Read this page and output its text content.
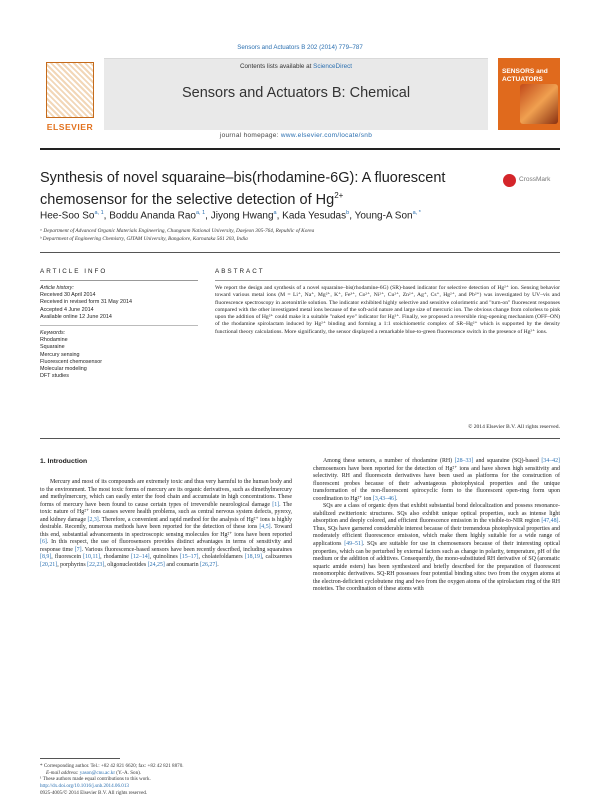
Sensors and Actuators B 202 (2014) 779–787
ELSEVIER
Contents lists available at ScienceDirect
Sensors and Actuators B: Chemical
journal homepage: www.elsevier.com/locate/snb
SENSORS and ACTUATORS
Synthesis of novel squaraine–bis(rhodamine-6G): A fluorescent chemosensor for the selective detection of $Hg^{2+}$
CrossMark
Hee-Soo So$^{a, 1}$, Boddu Ananda Rao$^{a, 1}$, Jiyong Hwang$^a$, Kada Yesudas$^b$, Young-A Son$^{a, *}$
ᵃ Department of Advanced Organic Materials Engineering, Chungnam National University, Daejeon 305-764, Republic of Korea
ᵇ Department of Engineering Chemistry, GITAM University, Bangalore, Karnataka 561 203, India
ARTICLE INFO	ABSTRACT
Article history:
Received 30 April 2014
Received in revised form 31 May 2014
Accepted 4 June 2014
Available online 12 June 2014
Keywords:
Rhodamine
Squaraine
Mercury sensing
Fluorescent chemosensor
Molecular modeling
DFT studies
We report the design and synthesis of a novel squaraine–bis(rhodamine-6G) (SR)-based indicator for selective detection of Hg²⁺ ion. Sensing behavior toward various metal ions (M = Li⁺, Na⁺, Mg²⁺, K⁺, Fe³⁺, Co²⁺, Ni²⁺, Cu²⁺, Zn²⁺, Ag⁺, Cs⁺, Hg²⁺, and Pb²⁺) was investigated by UV–vis and fluorescence spectroscopy in acetonitrile solution. The indicator exhibited highly selective and sensitive colorimetric and "turn-on" fluorescent responses compared with the other investigated metal ions because of the soft-acid nature and large size of mercuric ion. The obvious change from colorless to pink upon the addition of Hg²⁺ could make it a suitable "naked eye" indicator for Hg²⁺. Finally, we proposed a reversible ring-opening mechanism (OFF–ON) of the rhodamine spirolactam induced by Hg²⁺ binding and forming a 1:1 stoichiometric complex of SR–Hg²⁺ which is supported by the density functional theory calculations. More significantly, the sensor displayed a remarkable blue-to-green fluorescence switch in the presence of Hg²⁺ ions.
© 2014 Elsevier B.V. All rights reserved.
1. Introduction

Mercury and most of its compounds are extremely toxic and thus very harmful to the human body and to the environment. The most toxic forms of mercury are its organic derivatives, such as dimethylmercury and methylmercury, which can easily enter the food chain and accumulate in high concentrations. These forms of mercury have been found to cause certain types of irreversible neurological damage [1]. The toxic nature of Hg²⁺ ions causes severe health problems, such as central nervous system defects, pyrexy, and kidney damage [2,3]. Therefore, a convenient and rapid method for the analysis of Hg²⁺ ions is highly desirable. Recently, numerous methods have been reported for the detection of these ions [4,5]. Toward this end, substantial advancements in spectroscopic sensing molecules for Hg²⁺ ions have been reported [6]. In this respect, the use of fluorosensors provides distinct advantages in terms of sensitivity and response time [7]. Various fluorescence-based sensors have been recently described, including squaraines [8,9], fluorescein [10,11], rhodamine [12–14], quinolines [15–17], cholatefoldamers [18,19], calixarenes [20,21], porphyrins [22,23], oligonucleotides [24,25] and coumarin [26,27].

Among these sensors, a number of rhodamine (RH) [28–33] and squaraine (SQ)-based [34–42] chemosensors have been reported for the detection of Hg²⁺ ions and have shown high sensitivity and selectivity. RH and fluorescein derivatives have been used as platforms for the construction of fluorescent probes because of their advantageous photophysical properties and the unique transformation of the non-fluorescent spirocyclic form to the fluorescent open-ring form upon coordination to Hg²⁺ ion [3,43–46].

SQs are a class of organic dyes that exhibit substantial bond delocalization and possess resonance-stabilized zwitterionic structures. SQs also exhibit unique optical properties, such as intense light absorption and deeply colored, and efficient fluorescence emission in the visible-to-NIR region [47,48]. Thus, SQs have garnered considerable interest because of their tremendous photophysical properties and moderately efficient fluorescence emission, which make them highly suitable for a wide range of applications [49–51]. SQs are suitable for use in chemosensors because of their interesting optical properties, which can be perturbed by external factors such as change in polarity, temperature, pH of the medium or the addition of additives. Consequently, the mono-substituted RH derivative of SQ (aromatic squaric amide esters) has been synthesized and briefly described for the preparation of fluorescent monomorphic derivatives. SQ-RH possesses four potential binding sites: two from the oxygen atoms at the electron-deficient cyclobutene ring and two from the oxygen atoms of the spirolactam ring of the RH moieties. The coordination of these atoms with

* Corresponding author. Tel.: +82 42 821 6620; fax: +82 42 821 8870.
E-mail address: yason@cnu.ac.kr (Y.-A. Son).
¹ These authors made equal contributions to this work.
http://dx.doi.org/10.1016/j.snb.2014.06.013
0925-4005/© 2014 Elsevier B.V. All rights reserved.
